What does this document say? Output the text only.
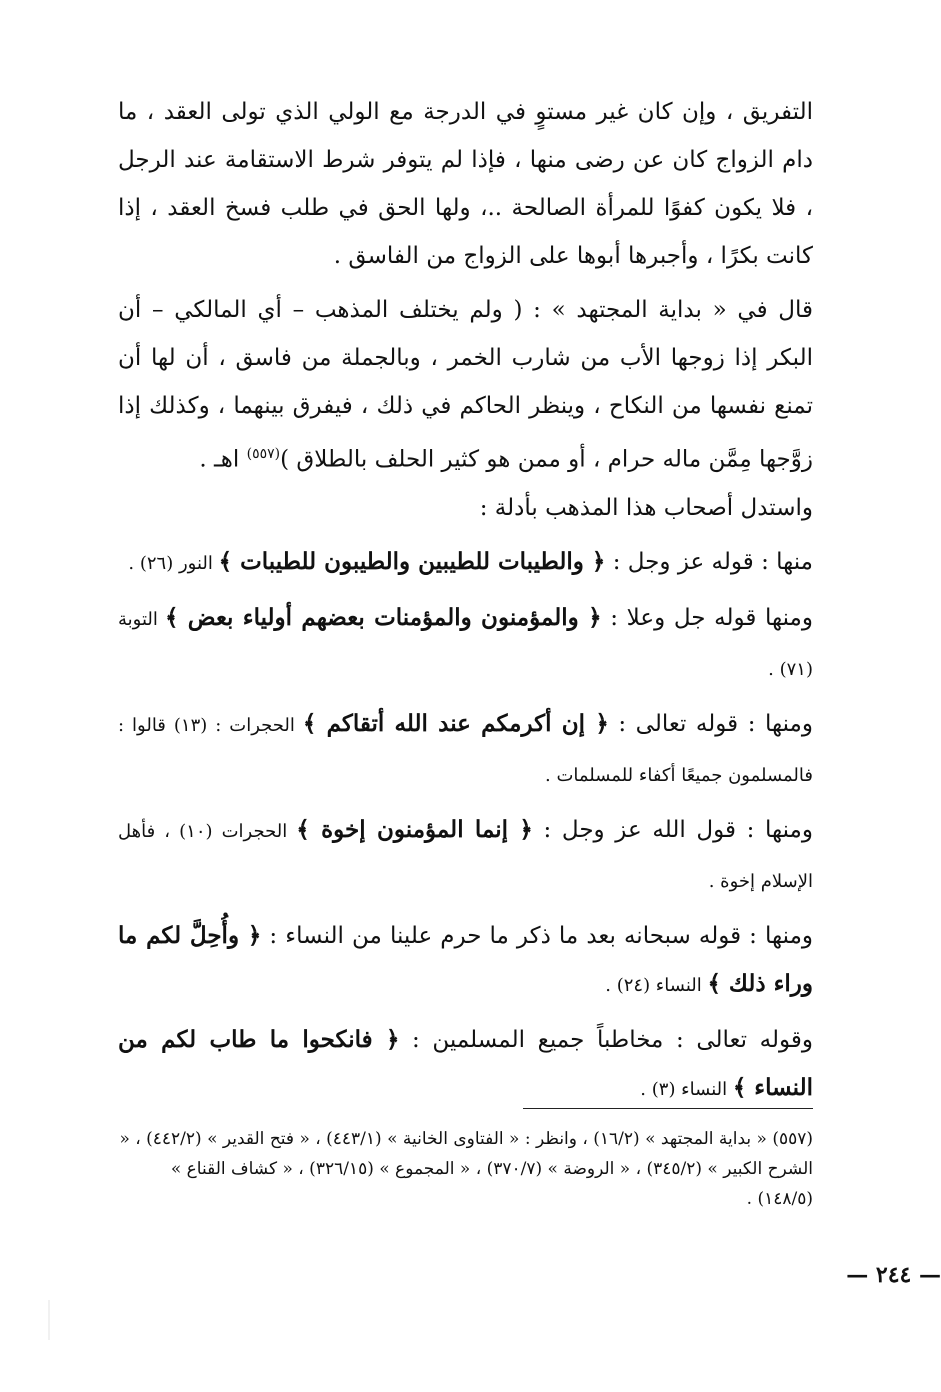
التفريق ، وإن كان غير مستوٍ في الدرجة مع الولي الذي تولى العقد ، ما دام الزواج كان عن رضى منها ، فإذا لم يتوفر شرط الاستقامة عند الرجل ، فلا يكون كفوًا للمرأة الصالحة ..، ولها الحق في طلب فسخ العقد ، إذا كانت بكرًا ، وأجبرها أبوها على الزواج من الفاسق .

قال في « بداية المجتهد » : ( ولم يختلف المذهب – أي المالكي – أن البكر إذا زوجها الأب من شارب الخمر ، وبالجملة من فاسق ، أن لها أن تمنع نفسها من النكاح ، وينظر الحاكم في ذلك ، فيفرق بينهما ، وكذلك إذا زوَّجها مِمَّن ماله حرام ، أو ممن هو كثير الحلف بالطلاق )$^{(٥٥٧)}$ اهـ .

واستدل أصحاب هذا المذهب بأدلة :

منها : قوله عز وجل : ﴿ والطيبات للطيبين والطيبون للطيبات ﴾ النور (٢٦) .

ومنها قوله جل وعلا : ﴿ والمؤمنون والمؤمنات بعضهم أولياء بعض ﴾ التوبة (٧١) .

ومنها : قوله تعالى : ﴿ إن أكرمكم عند الله أتقاكم ﴾ الحجرات : (١٣) قالوا : فالمسلمون جميعًا أكفاء للمسلمات .

ومنها : قول الله عز وجل : ﴿ إنما المؤمنون إخوة ﴾ الحجرات (١٠) ، فأهل الإسلام إخوة .

ومنها : قوله سبحانه بعد ما ذكر ما حرم علينا من النساء : ﴿ وأُحِلَّ لكم ما وراء ذلك ﴾ النساء (٢٤) .

وقوله تعالى : مخاطباً جميع المسلمين : ﴿ فانكحوا ما طاب لكم من النساء ﴾ النساء (٣) .

(٥٥٧) « بداية المجتهد » (١٦/٢) ، وانظر : « الفتاوى الخانية » (٤٤٣/١) ، « فتح القدير » (٤٤٢/٢) ، « الشرح الكبير » (٣٤٥/٢) ، « الروضة » (٣٧٠/٧) ، « المجموع » (٣٢٦/١٥) ، « كشاف القناع » (١٤٨/٥) .
— ٢٤٤ —
